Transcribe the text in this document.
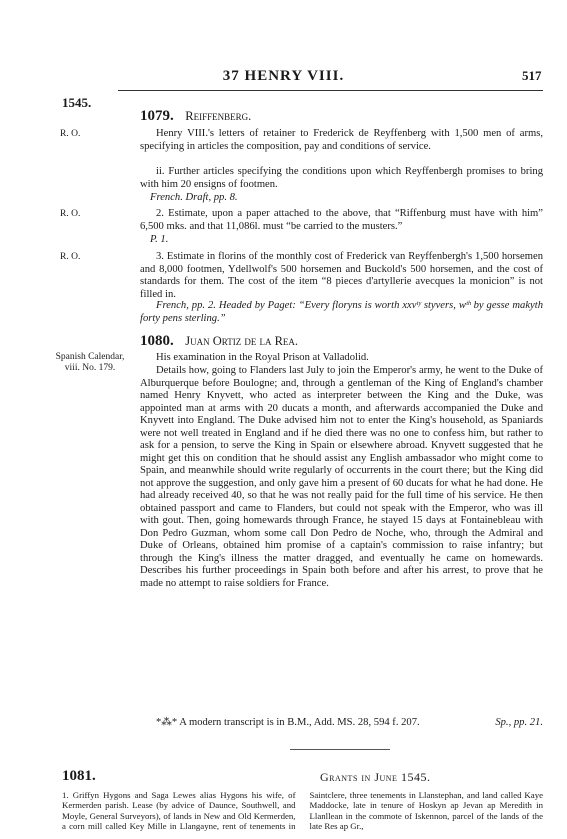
37 HENRY VIII.	517
1545.
1079. Reiffenberg.
R. O.	Henry VIII.'s letters of retainer to Frederick de Reyffenberg with 1,500 men of arms, specifying in articles the composition, pay and conditions of service.
ii. Further articles specifying the conditions upon which Reyffenbergh promises to bring with him 20 ensigns of footmen.
French. Draft, pp. 8.
R. O.	2. Estimate, upon a paper attached to the above, that “Riffenburg must have with him” 6,500 mks. and that 11,086l. must “be carried to the musters.”
P. 1.
R. O.	3. Estimate in florins of the monthly cost of Frederick van Reyffenbergh's 1,500 horsemen and 8,000 footmen, Ydellwolf's 500 horsemen and Buckold's 500 horsemen, and the cost of standards for them. The cost of the item “8 pieces d'artyllerie avecques la monicion” is not filled in.
French, pp. 2. Headed by Paget: “Every floryns is worth xxvᵗʸ styvers, wᵗʰ by gesse makyth forty pens sterling.”
1080. Juan Ortiz de la Rea.
Spanish Calendar, viii. No. 179.
His examination in the Royal Prison at Valladolid.
Details how, going to Flanders last July to join the Emperor's army, he went to the Duke of Alburquerque before Boulogne; and, through a gentleman of the King of England's chamber named Henry Knyvett, who acted as interpreter between the King and the Duke, was appointed man at arms with 20 ducats a month, and afterwards accompanied the Duke and Knyvett into England. The Duke advised him not to enter the King's household, as Spaniards were not well treated in England and if he died there was no one to confess him, but rather to ask for a pension, to serve the King in Spain or elsewhere abroad. Knyvett suggested that he might get this on condition that he should assist any English ambassador who might come to Spain, and meanwhile should write regularly of occurrents in the court there; but the King did not approve the suggestion, and only gave him a present of 60 ducats for what he had done. He had already received 40, so that he was not really paid for the full time of his service. He then obtained passport and came to Flanders, but could not speak with the Emperor, who was ill with gout. Then, going homewards through France, he stayed 15 days at Fontainebleau with Don Pedro Guzman, whom some call Don Pedro de Noche, who, through the Admiral and Duke of Orleans, obtained him promise of a captain's commission to raise infantry; but through the King's illness the matter dragged, and eventually he came on homewards. Describes his further proceedings in Spain both before and after his arrest, to prove that he made no attempt to raise soldiers for France.
*⁂* A modern transcript is in B.M., Add. MS. 28, 594 f. 207.	Sp., pp. 21.
1081.	Grants in June 1545.
1. Griffyn Hygons and Saga Lewes alias Hygons his wife, of Kermerden parish. Lease (by advice of Daunce, Southwell, and Moyle, General Surveyors), of lands in New and Old Kermerden, a corn mill called Key Mille in Llangayne, rent of tenements in Saintclere, three tenements in Llanstephan, and land called Kaye Maddocke, late in tenure of Hoskyn ap Jevan ap Meredith in Llanllean in the commote of Iskennon, parcel of the lands of the late Res ap Gr.,
